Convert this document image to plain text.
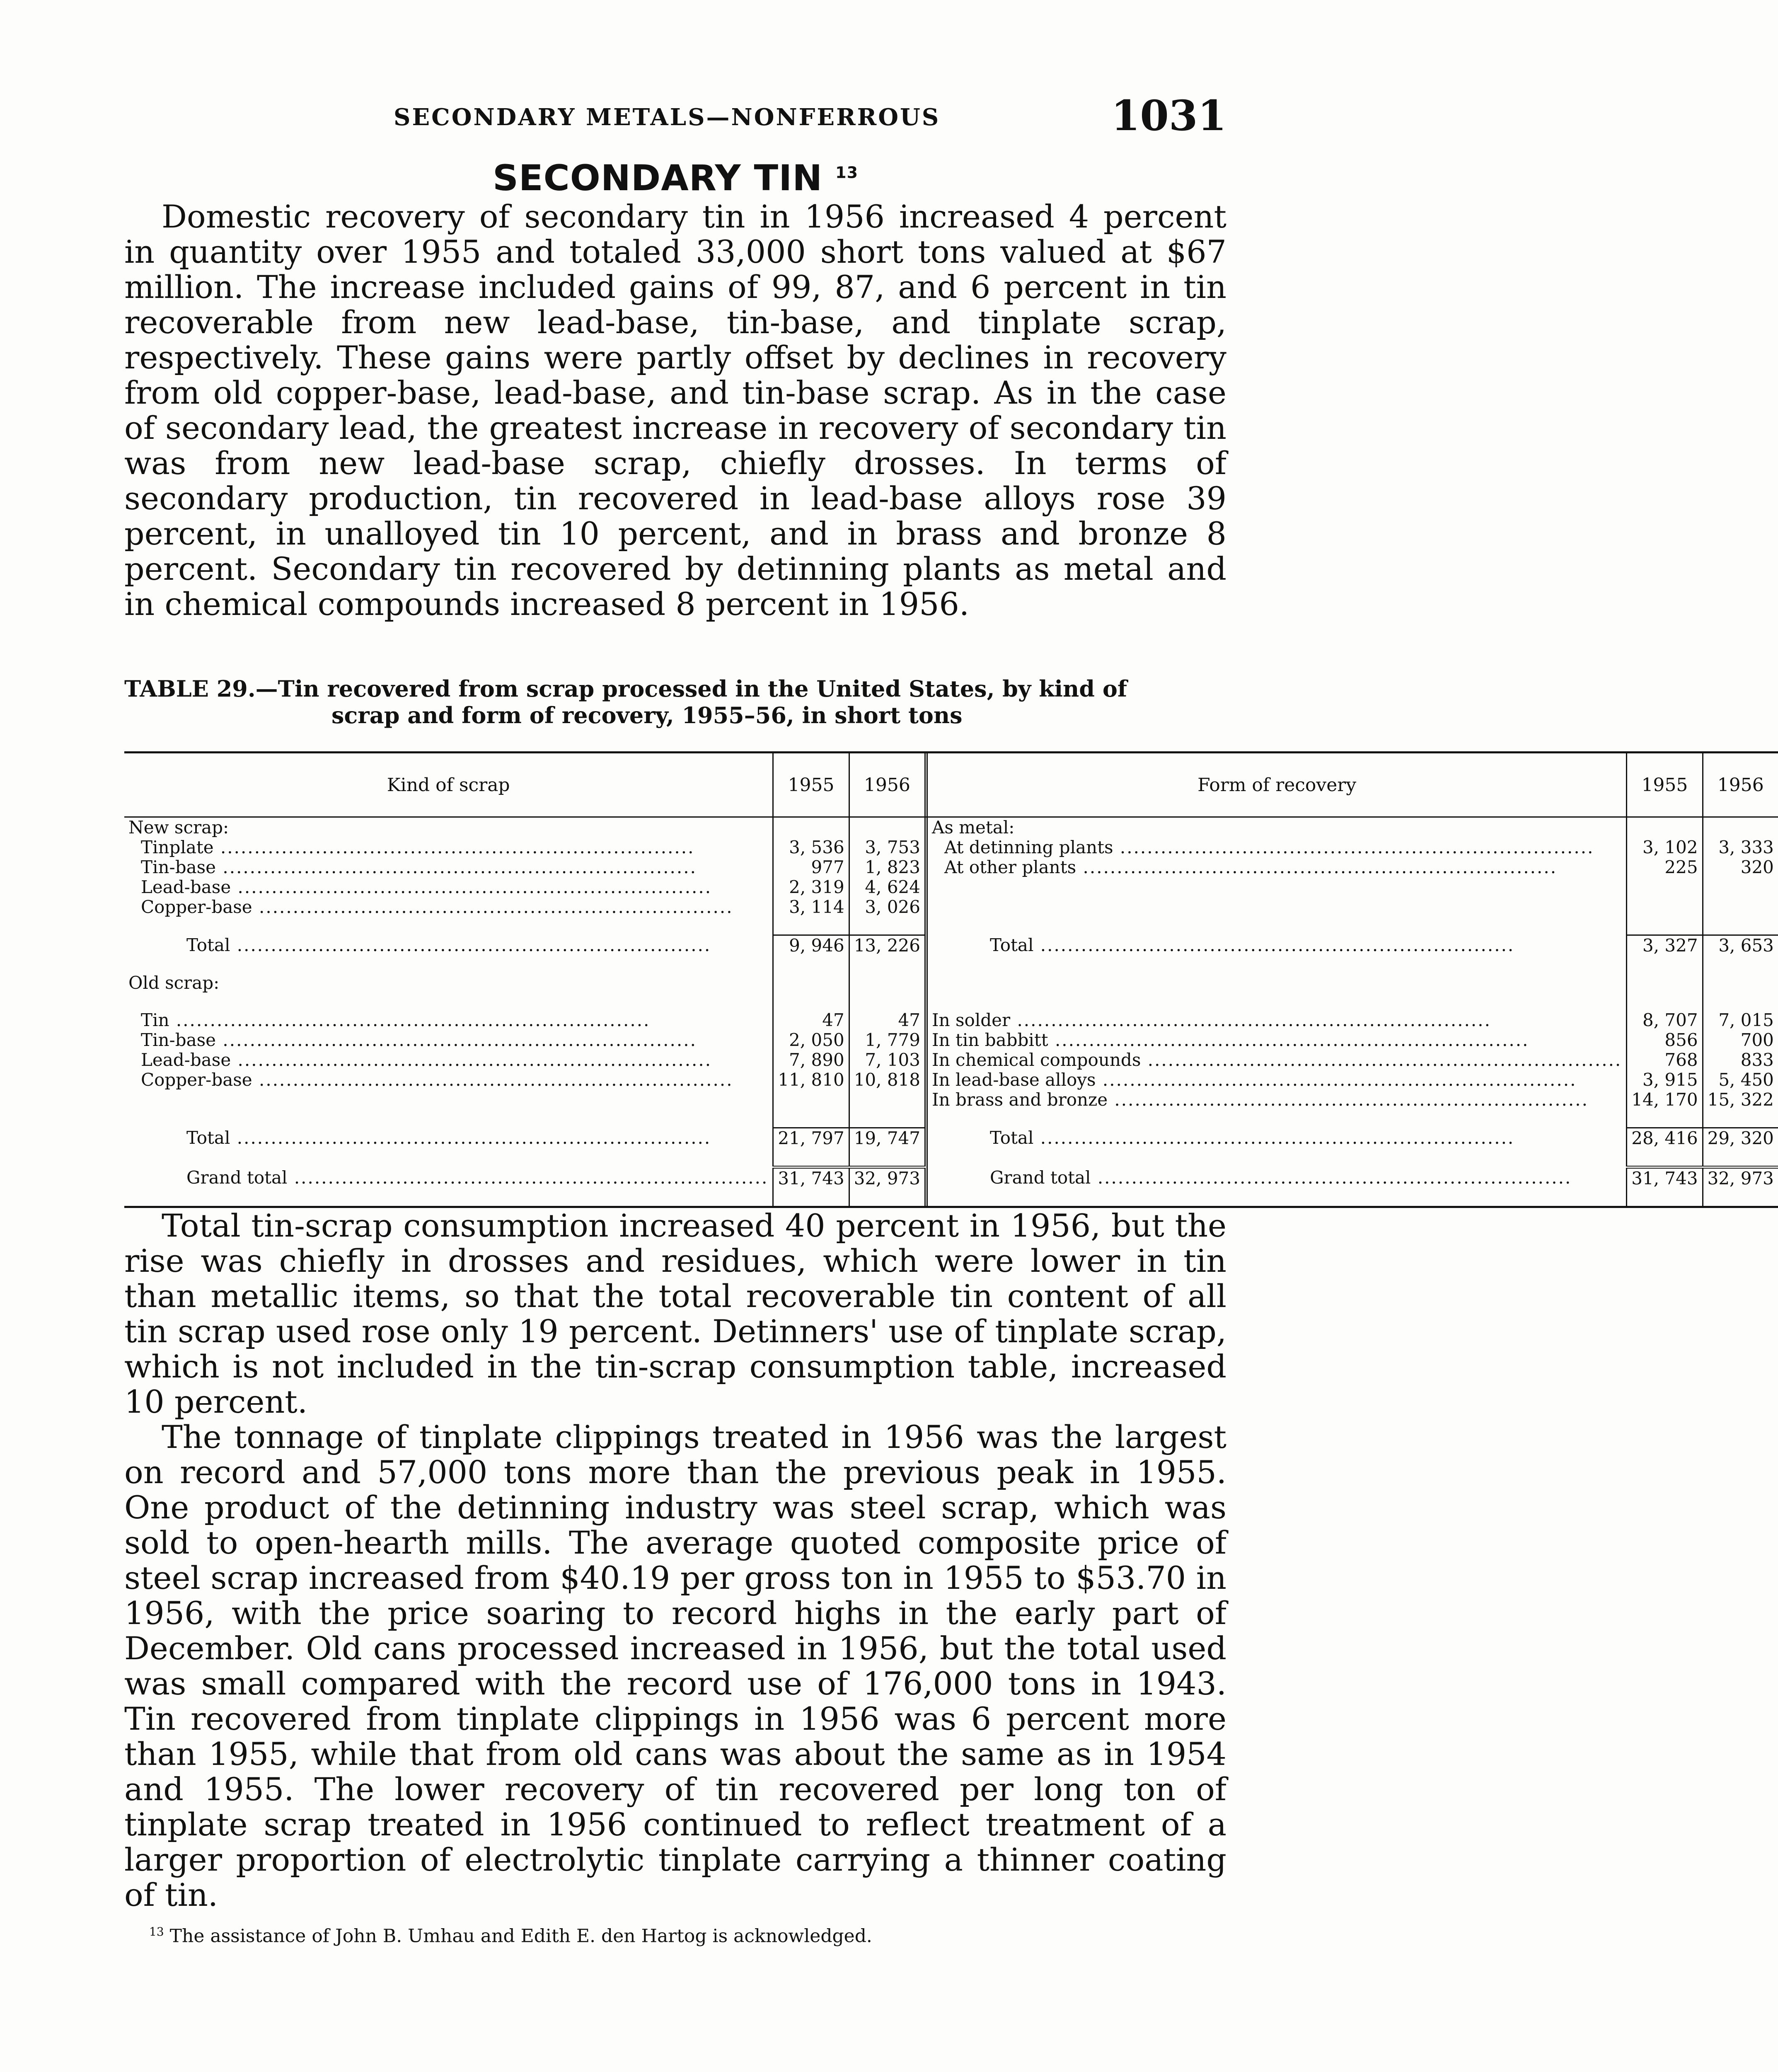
SECONDARY METALS—NONFERROUS	1031
SECONDARY TIN $^{13}$

Domestic recovery of secondary tin in 1956 increased 4 percent in quantity over 1955 and totaled 33,000 short tons valued at $67 million. The increase included gains of 99, 87, and 6 percent in tin recoverable from new lead-base, tin-base, and tinplate scrap, respectively. These gains were partly offset by declines in recovery from old copper-base, lead-base, and tin-base scrap. As in the case of secondary lead, the greatest increase in recovery of secondary tin was from new lead-base scrap, chiefly drosses. In terms of secondary production, tin recovered in lead-base alloys rose 39 percent, in unalloyed tin 10 percent, and in brass and bronze 8 percent. Secondary tin recovered by detinning plants as metal and in chemical compounds increased 8 percent in 1956.

TABLE 29.—Tin recovered from scrap processed in the United States, by kind of
scrap and form of recovery, 1955–56, in short tons
Kind of scrap	1955	1956		Form of recovery	1955	1956
New scrap:				As metal:		

Tinplate .....	3, 536	3, 753		At detinning plants .....	3, 102	3, 333

Tin-base .....	977	1, 823		At other plants .....	225	320

Lead-base .....	2, 319	4, 624				

Copper-base .....	3, 114	3, 026				

Total .....	9, 946	13, 226		Total .....	3, 327	3, 653

Old scrap:						

Tin .....	47	47		In solder .....	8, 707	7, 015

Tin-base .....	2, 050	1, 779		In tin babbitt .....	856	700

Lead-base .....	7, 890	7, 103		In chemical compounds .....	768	833

Copper-base .....	11, 810	10, 818		In lead-base alloys .....	3, 915	5, 450

				In brass and bronze .....	14, 170	15, 322

Total .....	21, 797	19, 747		Total .....	28, 416	29, 320

Grand total .....	31, 743	32, 973		Grand total .....	31, 743	32, 973

Total tin-scrap consumption increased 40 percent in 1956, but the rise was chiefly in drosses and residues, which were lower in tin than metallic items, so that the total recoverable tin content of all tin scrap used rose only 19 percent. Detinners' use of tinplate scrap, which is not included in the tin-scrap consumption table, increased 10 percent.

The tonnage of tinplate clippings treated in 1956 was the largest on record and 57,000 tons more than the previous peak in 1955. One product of the detinning industry was steel scrap, which was sold to open-hearth mills. The average quoted composite price of steel scrap increased from $40.19 per gross ton in 1955 to $53.70 in 1956, with the price soaring to record highs in the early part of December. Old cans processed increased in 1956, but the total used was small compared with the record use of 176,000 tons in 1943. Tin recovered from tinplate clippings in 1956 was 6 percent more than 1955, while that from old cans was about the same as in 1954 and 1955. The lower recovery of tin recovered per long ton of tinplate scrap treated in 1956 continued to reflect treatment of a larger proportion of electrolytic tinplate carrying a thinner coating of tin.

$^{13}$ The assistance of John B. Umhau and Edith E. den Hartog is acknowledged.
